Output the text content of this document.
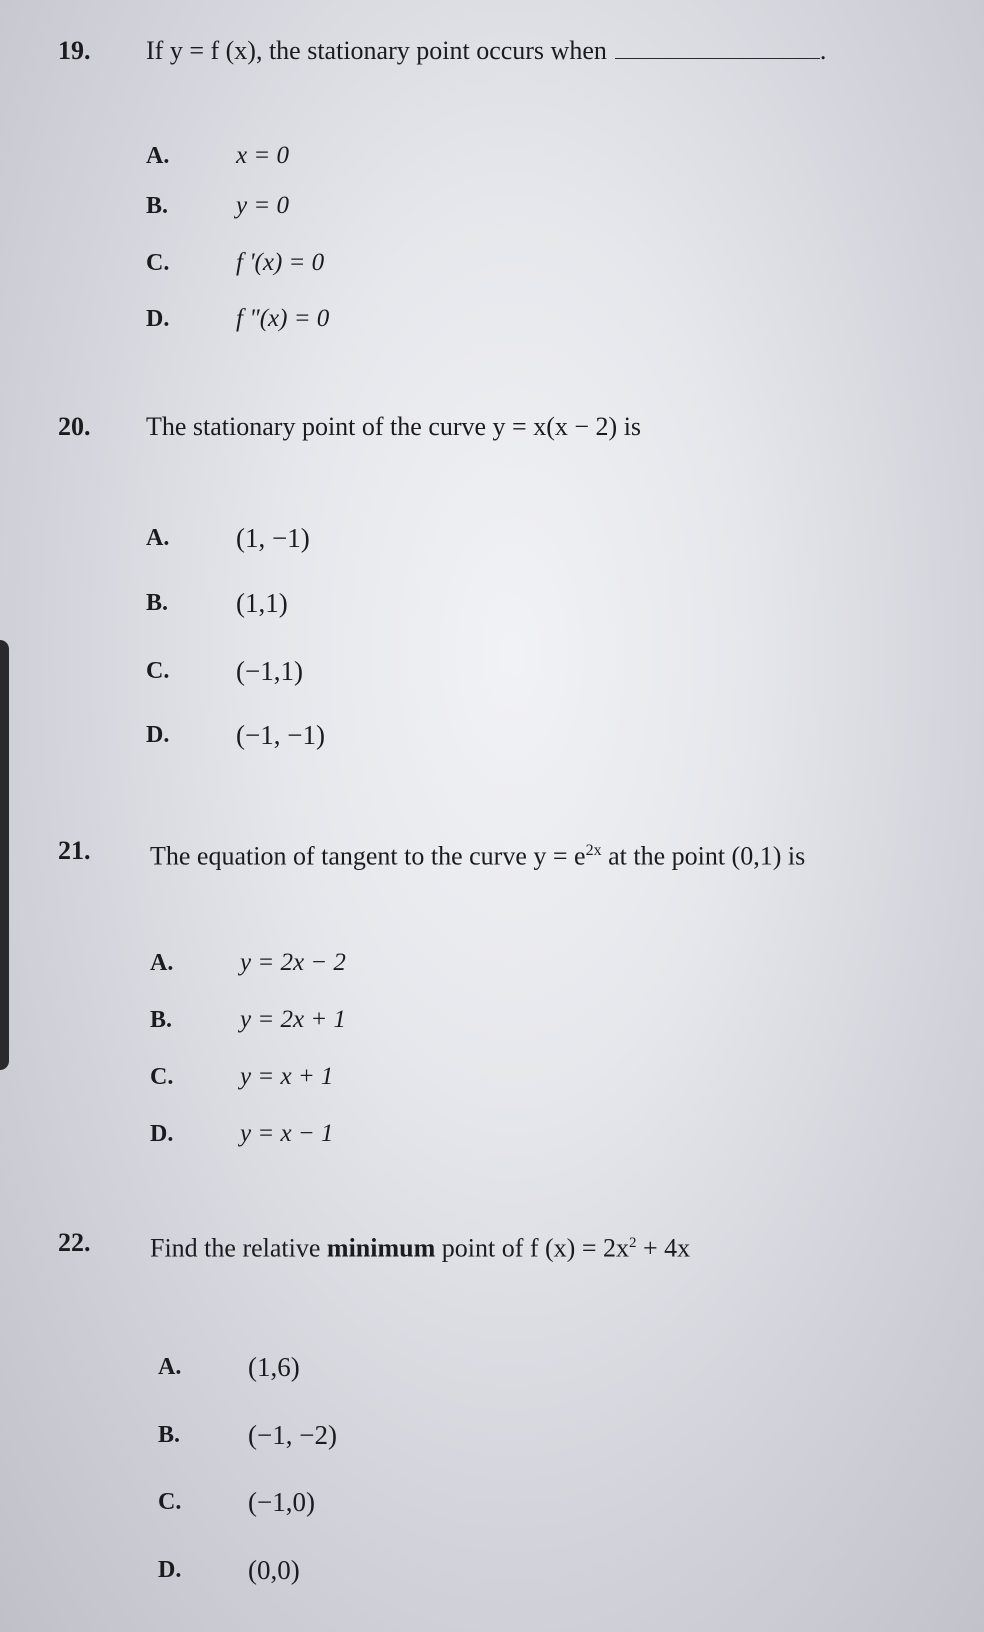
19. If y = f (x), the stationary point occurs when	.
A.	x = 0
B.	y = 0
C.	f '(x) = 0
D.	f "(x) = 0
20. The stationary point of the curve y = x(x − 2) is
A. (1, −1)
B.	(1,1)
C. (−1,1)
D. (−1, −1)
21. The equation of tangent to the curve $y = e^{2x}$ at the point (0,1) is
A.	y = 2x − 2
B.	y = 2x + 1
C.	y = x + 1
D.	y = x − 1
22. Find the relative minimum point of f $(x) = 2x^2 + 4x$
A. (1,6)
B.	(−1, −2)
C. (−1,0)
D. (0,0)
